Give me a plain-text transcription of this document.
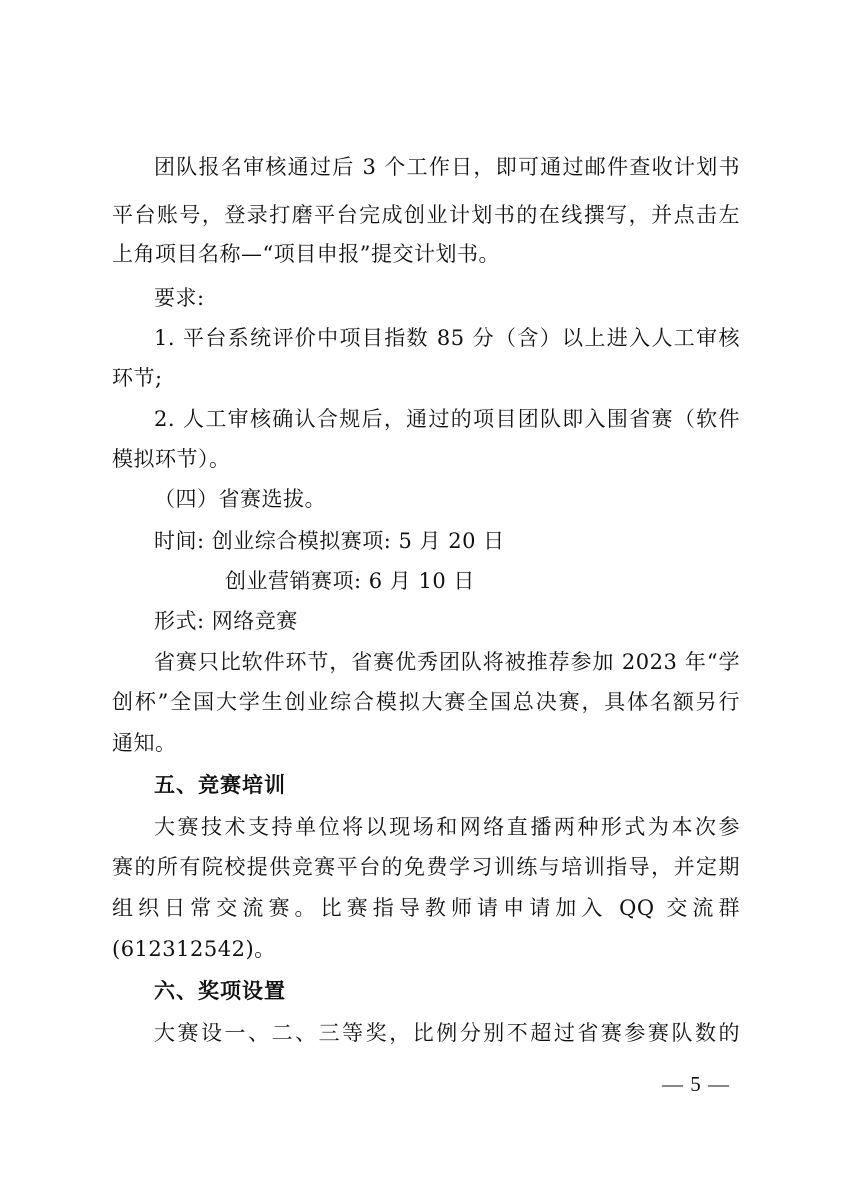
团队报名审核通过后 3 个工作日，即可通过邮件查收计划书
平台账号，登录打磨平台完成创业计划书的在线撰写，并点击左
上角项目名称—“项目申报”提交计划书。
要求:
1. 平台系统评价中项目指数 85 分（含）以上进入人工审核
环节;
2. 人工审核确认合规后，通过的项目团队即入围省赛（软件
模拟环节）。
（四）省赛选拔。
时间: 创业综合模拟赛项: 5 月 20 日
创业营销赛项: 6 月 10 日
形式: 网络竞赛
省赛只比软件环节，省赛优秀团队将被推荐参加 2023 年“学
创杯”全国大学生创业综合模拟大赛全国总决赛，具体名额另行
通知。
五、竞赛培训
大赛技术支持单位将以现场和网络直播两种形式为本次参
赛的所有院校提供竞赛平台的免费学习训练与培训指导，并定期
组织日常交流赛。比赛指导教师请申请加入 QQ 交流群
(612312542)。
六、奖项设置
大赛设一、二、三等奖，比例分别不超过省赛参赛队数的
— 5 —
